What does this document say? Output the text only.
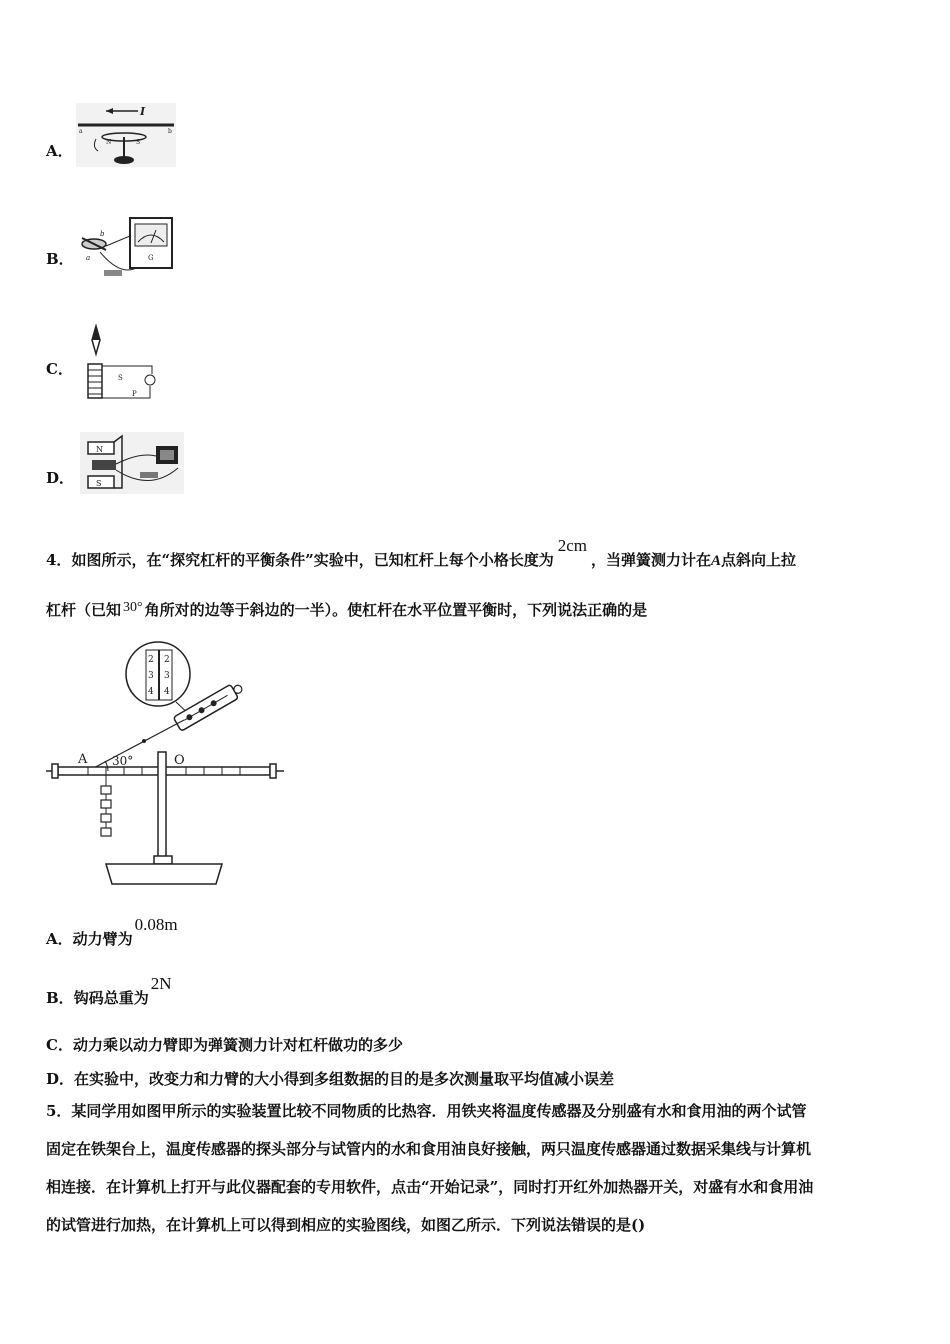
A．
I
N	S
a	b
B．	G
b
a
C．	S
P
D．
N
S
4．如图所示，在“探究杠杆的平衡条件”实验中，已知杠杆上每个小格长度为2cm，当弹簧测力计在A点斜向上拉
杠杆（已知 30° 角所对的边等于斜边的一半）。使杠杆在水平位置平衡时，下列说法正确的是
2
3
4
2
3
4
A 30°	O
A．动力臂为0.08m
B．钩码总重为2N
C．动力乘以动力臂即为弹簧测力计对杠杆做功的多少
D．在实验中，改变力和力臂的大小得到多组数据的目的是多次测量取平均值减小误差
5．某同学用如图甲所示的实验装置比较不同物质的比热容．用铁夹将温度传感器及分别盛有水和食用油的两个试管
固定在铁架台上，温度传感器的探头部分与试管内的水和食用油良好接触，两只温度传感器通过数据采集线与计算机
相连接．在计算机上打开与此仪器配套的专用软件，点击“开始记录”，同时打开红外加热器开关，对盛有水和食用油
的试管进行加热，在计算机上可以得到相应的实验图线，如图乙所示．下列说法错误的是()
